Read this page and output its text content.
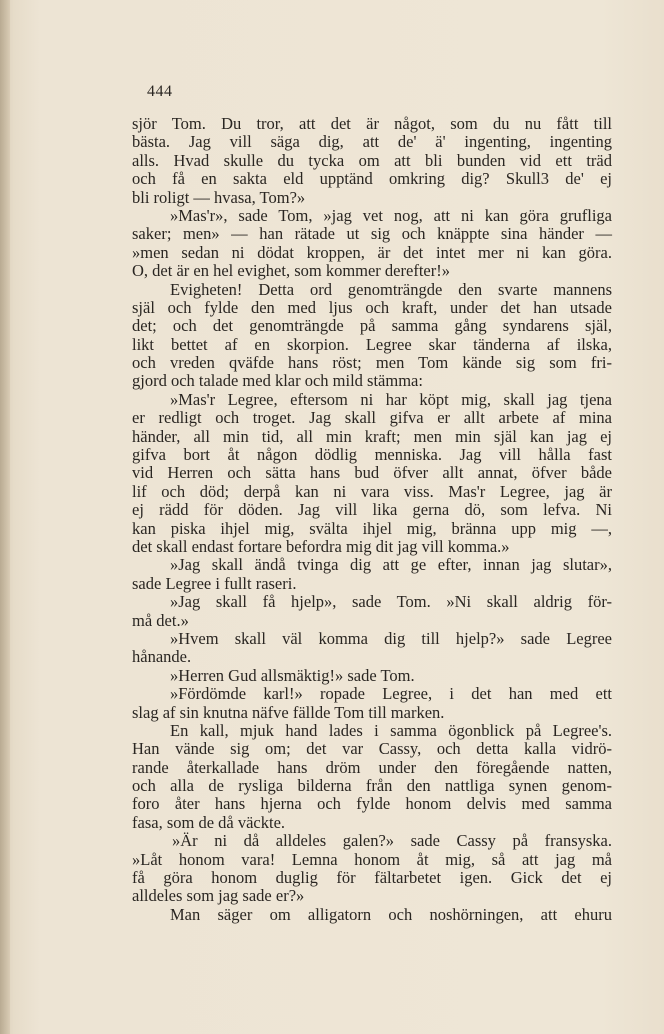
444
sjör Tom. Du tror, att det är något, som du nu fått till
bästa. Jag vill säga dig, att de' ä' ingenting, ingenting
alls. Hvad skulle du tycka om att bli bunden vid ett träd
och få en sakta eld upptänd omkring dig? Skull3 de' ej
bli roligt — hvasa, Tom?»
»Mas'r», sade Tom, »jag vet nog, att ni kan göra grufliga
saker; men» — han rätade ut sig och knäppte sina händer —
»men sedan ni dödat kroppen, är det intet mer ni kan göra.
O, det är en hel evighet, som kommer derefter!»
Evigheten! Detta ord genomträngde den svarte mannens
själ och fylde den med ljus och kraft, under det han utsade
det; och det genomträngde på samma gång syndarens själ,
likt bettet af en skorpion. Legree skar tänderna af ilska,
och vreden qväfde hans röst; men Tom kände sig som fri-
gjord och talade med klar och mild stämma:
»Mas'r Legree, eftersom ni har köpt mig, skall jag tjena
er redligt och troget. Jag skall gifva er allt arbete af mina
händer, all min tid, all min kraft; men min själ kan jag ej
gifva bort åt någon dödlig menniska. Jag vill hålla fast
vid Herren och sätta hans bud öfver allt annat, öfver både
lif och död; derpå kan ni vara viss. Mas'r Legree, jag är
ej rädd för döden. Jag vill lika gerna dö, som lefva. Ni
kan piska ihjel mig, svälta ihjel mig, bränna upp mig —,
det skall endast fortare befordra mig dit jag vill komma.»
»Jag skall ändå tvinga dig att ge efter, innan jag slutar»,
sade Legree i fullt raseri.
»Jag skall få hjelp», sade Tom. »Ni skall aldrig för-
må det.»
»Hvem skall väl komma dig till hjelp?» sade Legree
hånande.
»Herren Gud allsmäktig!» sade Tom.
»Fördömde karl!» ropade Legree, i det han med ett
slag af sin knutna näfve fällde Tom till marken.
En kall, mjuk hand lades i samma ögonblick på Legree's.
Han vände sig om; det var Cassy, och detta kalla vidrö-
rande återkallade hans dröm under den föregående natten,
och alla de rysliga bilderna från den nattliga synen genom-
foro åter hans hjerna och fylde honom delvis med samma
fasa, som de då väckte.
»Är ni då alldeles galen?» sade Cassy på fransyska.
»Låt honom vara! Lemna honom åt mig, så att jag må
få göra honom duglig för fältarbetet igen. Gick det ej
alldeles som jag sade er?»
Man säger om alligatorn och noshörningen, att ehuru
